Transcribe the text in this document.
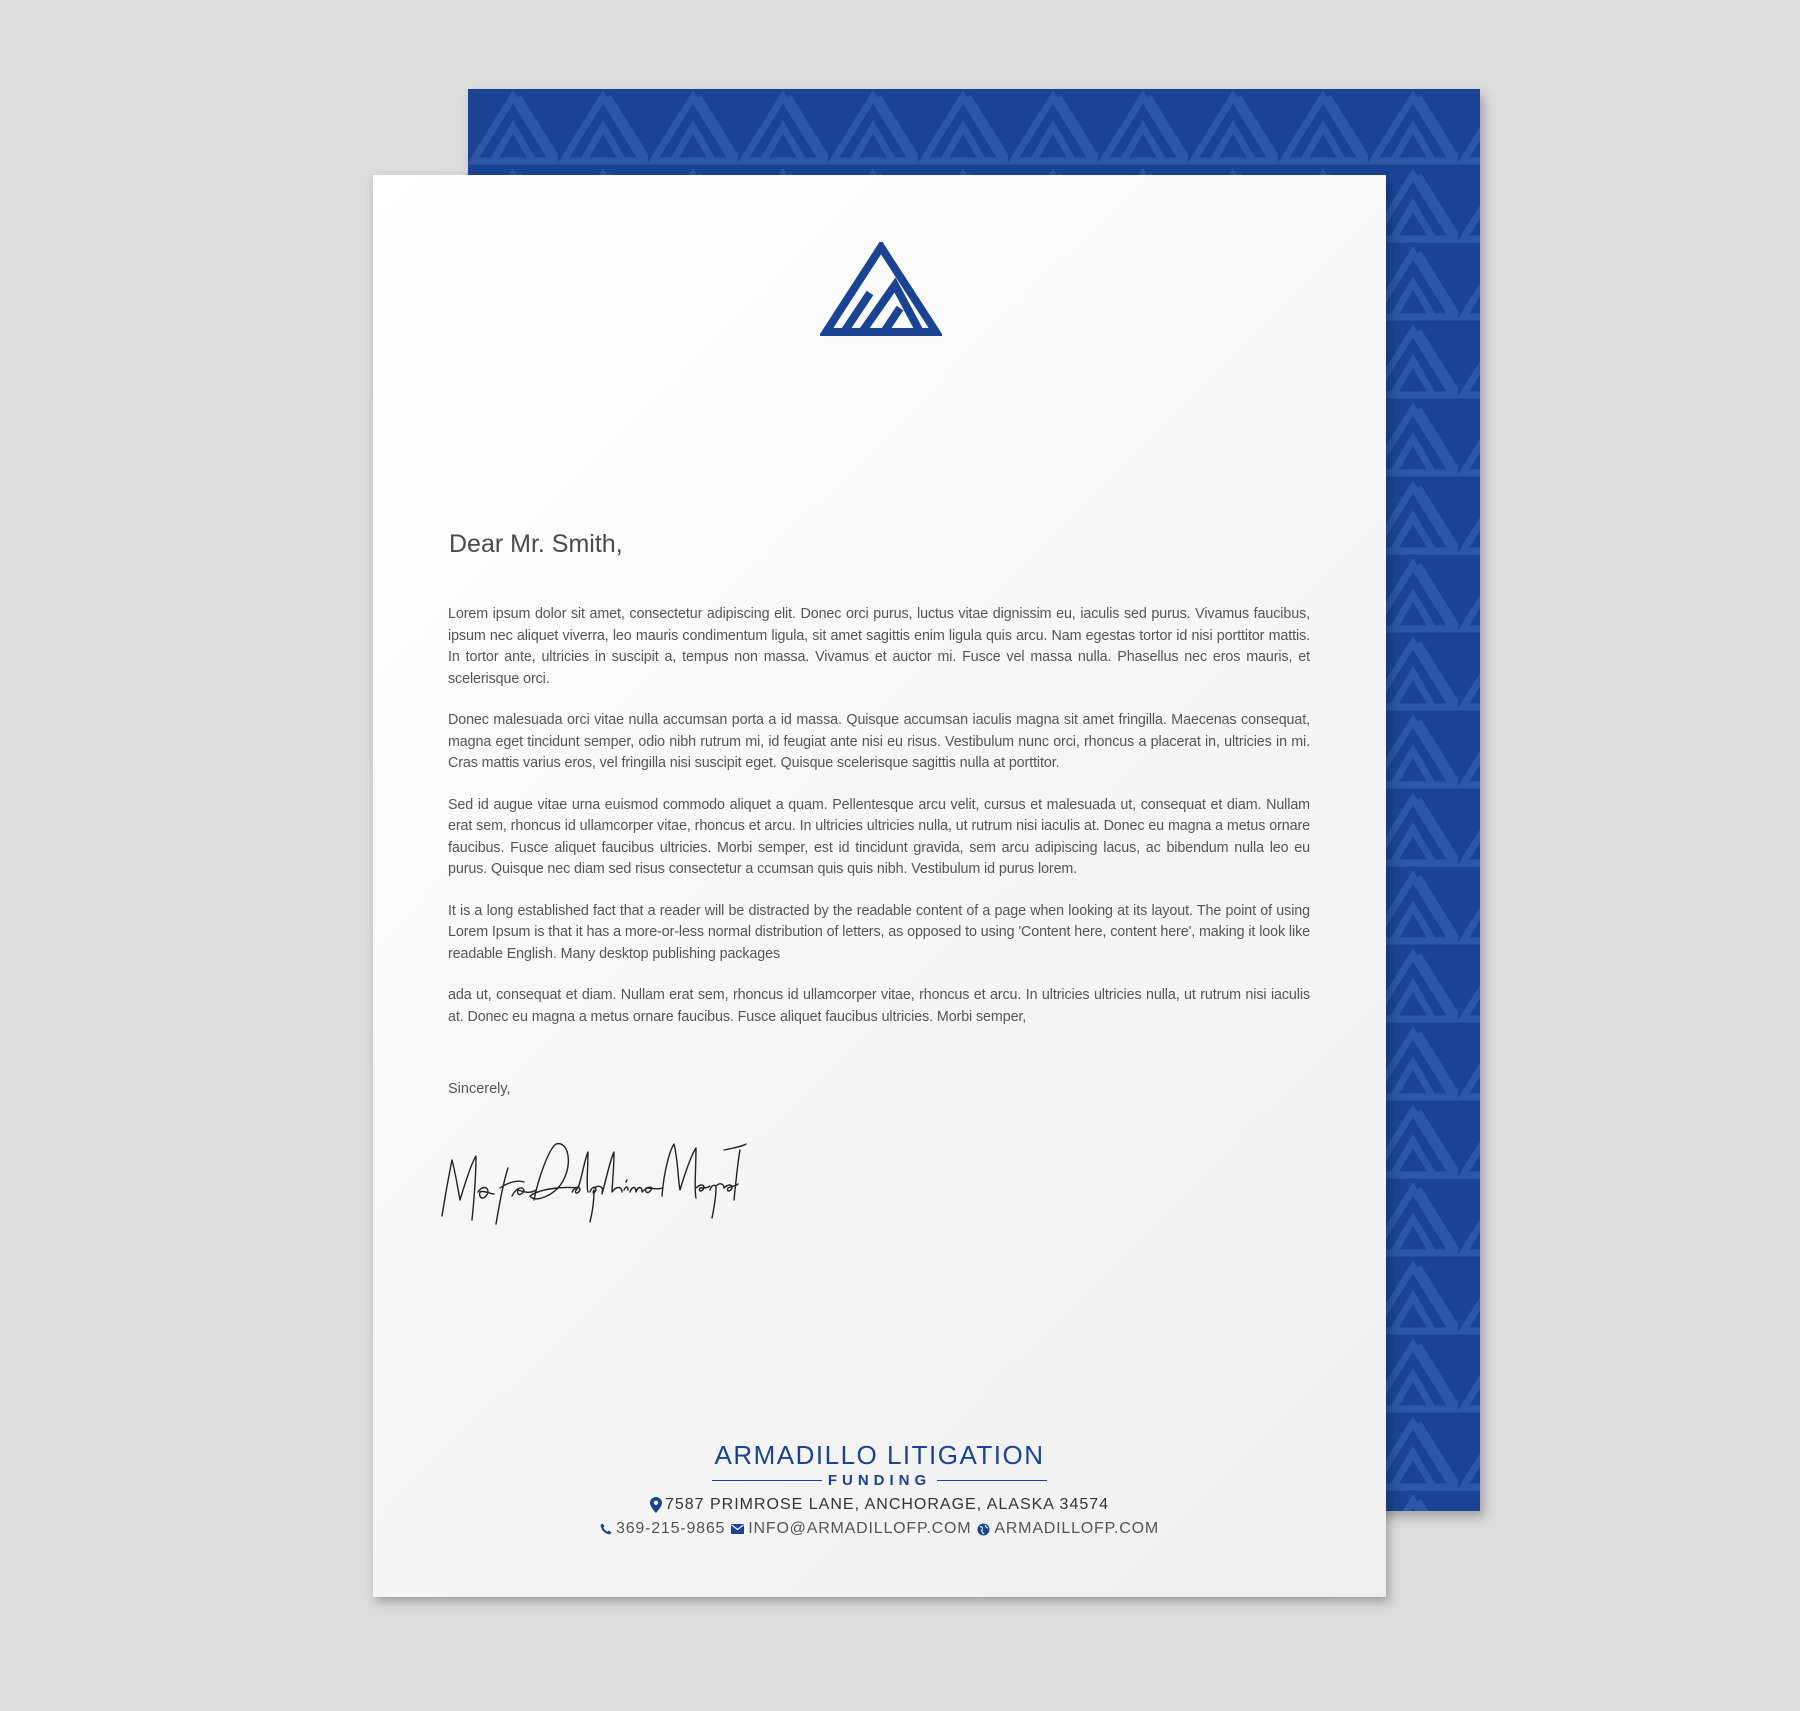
Dear Mr. Smith,

Lorem ipsum dolor sit amet, consectetur adipiscing elit. Donec orci purus, luctus vitae dignissim eu, iaculis sed purus. Vivamus faucibus, ipsum nec aliquet viverra, leo mauris condimentum ligula, sit amet sagittis enim ligula quis arcu. Nam egestas tortor id nisi porttitor mattis. In tortor ante, ultricies in suscipit a, tempus non massa. Vivamus et auctor mi. Fusce vel massa nulla. Phasellus nec eros mauris, et scelerisque orci.

Donec malesuada orci vitae nulla accumsan porta a id massa. Quisque accumsan iaculis magna sit amet fringilla. Maecenas consequat, magna eget tincidunt semper, odio nibh rutrum mi, id feugiat ante nisi eu risus. Vestibulum nunc orci, rhoncus a placerat in, ultricies in mi. Cras mattis varius eros, vel fringilla nisi suscipit eget. Quisque scelerisque sagittis nulla at porttitor.

Sed id augue vitae urna euismod commodo aliquet a quam. Pellentesque arcu velit, cursus et malesuada ut, consequat et diam. Nullam erat sem, rhoncus id ullamcorper vitae, rhoncus et arcu. In ultricies ultricies nulla, ut rutrum nisi iaculis at. Donec eu magna a metus ornare faucibus. Fusce aliquet faucibus ultricies. Morbi semper, est id tincidunt gravida, sem arcu adipiscing lacus, ac bibendum nulla leo eu purus. Quisque nec diam sed risus consectetur a ccumsan quis quis nibh. Vestibulum id purus lorem.

It is a long established fact that a reader will be distracted by the readable content of a page when looking at its layout. The point of using Lorem Ipsum is that it has a more-or-less normal distribution of letters, as opposed to using 'Content here, content here', making it look like readable English. Many desktop publishing packages

ada ut, consequat et diam. Nullam erat sem, rhoncus id ullamcorper vitae, rhoncus et arcu. In ultricies ultricies nulla, ut rutrum nisi iaculis at. Donec eu magna a metus ornare faucibus. Fusce aliquet faucibus ultricies. Morbi semper,

Sincerely,

ARMADILLO LITIGATION
FUNDING
7587 PRIMROSE LANE, ANCHORAGE, ALASKA 34574
369-215-9865 INFO@ARMADILLOFP.COM ARMADILLOFP.COM
